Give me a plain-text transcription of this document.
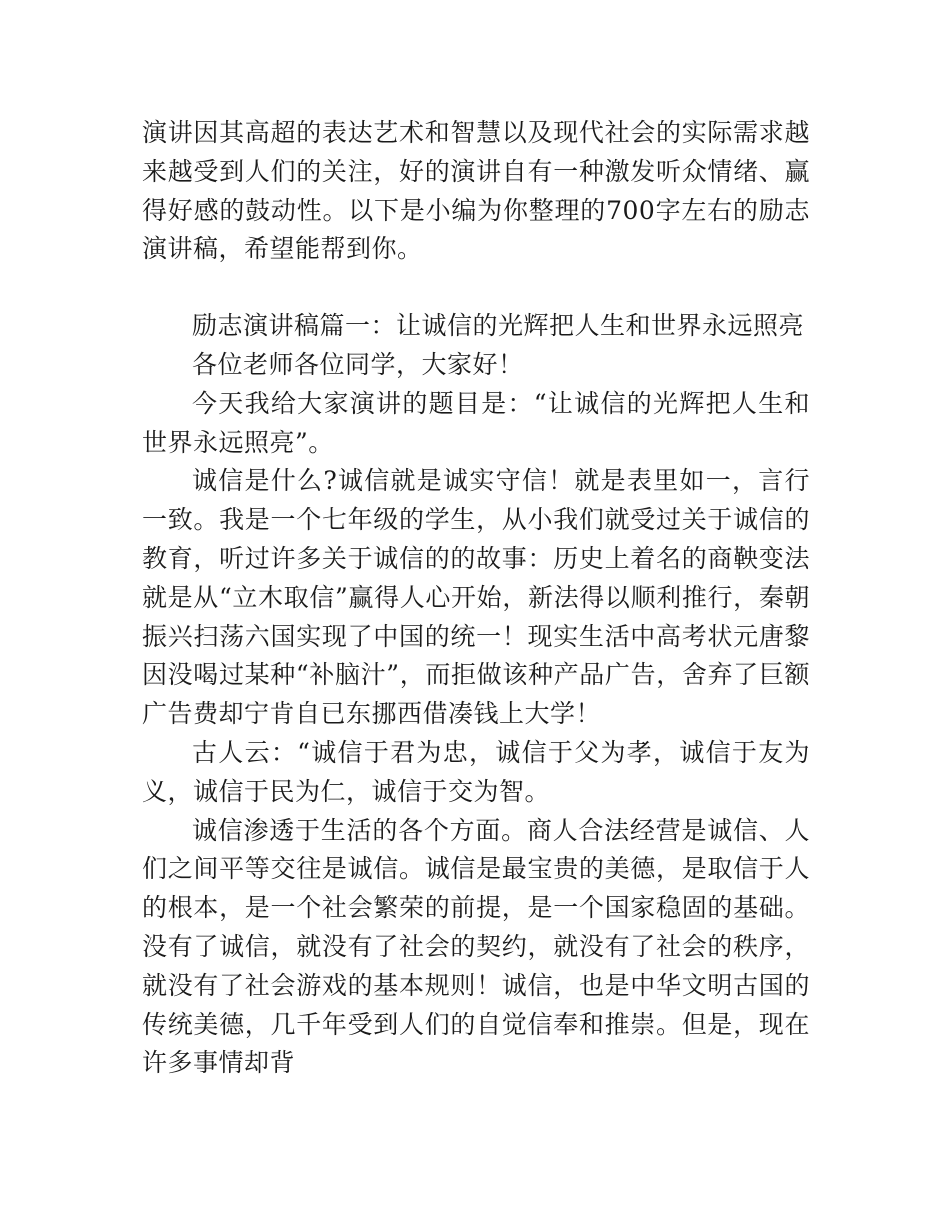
演讲因其高超的表达艺术和智慧以及现代社会的实际需求越来越受到人们的关注，好的演讲自有一种激发听众情绪、赢得好感的鼓动性。以下是小编为你整理的700字左右的励志演讲稿，希望能帮到你。

励志演讲稿篇一：让诚信的光辉把人生和世界永远照亮

各位老师各位同学，大家好！

今天我给大家演讲的题目是：“让诚信的光辉把人生和世界永远照亮”。

诚信是什么?诚信就是诚实守信！就是表里如一，言行一致。我是一个七年级的学生，从小我们就受过关于诚信的教育，听过许多关于诚信的的故事：历史上着名的商鞅变法就是从“立木取信”赢得人心开始，新法得以顺利推行，秦朝振兴扫荡六国实现了中国的统一！现实生活中高考状元唐黎因没喝过某种“补脑汁”，而拒做该种产品广告，舍弃了巨额广告费却宁肯自已东挪西借凑钱上大学！

古人云：“诚信于君为忠，诚信于父为孝，诚信于友为义，诚信于民为仁，诚信于交为智。

诚信渗透于生活的各个方面。商人合法经营是诚信、人们之间平等交往是诚信。诚信是最宝贵的美德，是取信于人的根本，是一个社会繁荣的前提，是一个国家稳固的基础。没有了诚信，就没有了社会的契约，就没有了社会的秩序，就没有了社会游戏的基本规则！诚信，也是中华文明古国的传统美德，几千年受到人们的自觉信奉和推崇。但是，现在许多事情却背
